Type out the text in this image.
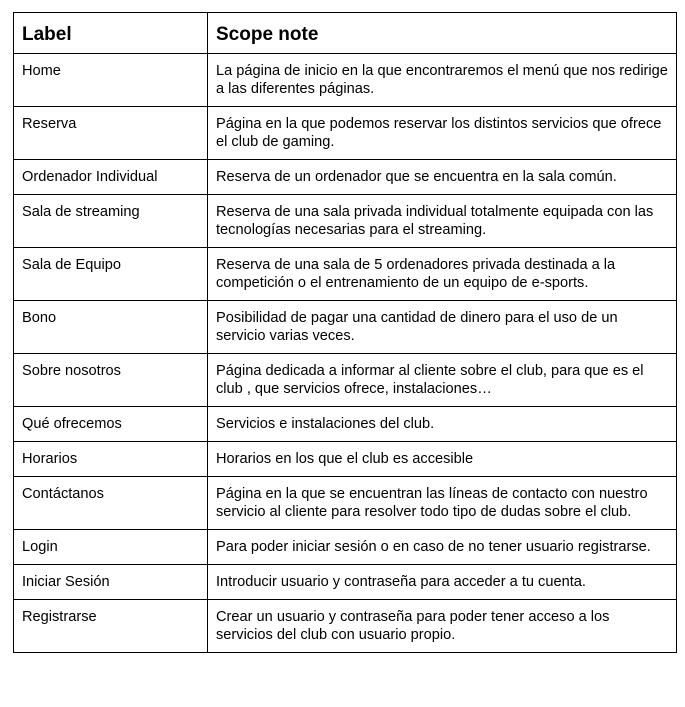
Label	Scope note
Home	La página de inicio en la que encontraremos el menú que nos redirige a las diferentes páginas.
Reserva	Página en la que podemos reservar los distintos servicios que ofrece el club de gaming.
Ordenador Individual	Reserva de un ordenador que se encuentra en la sala común.
Sala de streaming	Reserva de una sala privada individual totalmente equipada con las tecnologías necesarias para el streaming.
Sala de Equipo	Reserva de una sala de 5 ordenadores privada destinada a la competición o el entrenamiento de un equipo de e-sports.
Bono	Posibilidad de pagar una cantidad de dinero para el uso de un servicio varias veces.
Sobre nosotros	Página dedicada a informar al cliente sobre el club, para que es el club , que servicios ofrece, instalaciones…
Qué ofrecemos	Servicios e instalaciones del club.
Horarios	Horarios en los que el club es accesible
Contáctanos	Página en la que se encuentran las líneas de contacto con nuestro servicio al cliente para resolver todo tipo de dudas sobre el club.
Login	Para poder iniciar sesión o en caso de no tener usuario registrarse.
Iniciar Sesión	Introducir usuario y contraseña para acceder a tu cuenta.
Registrarse	Crear un usuario y contraseña para poder tener acceso a los servicios del club con usuario propio.
